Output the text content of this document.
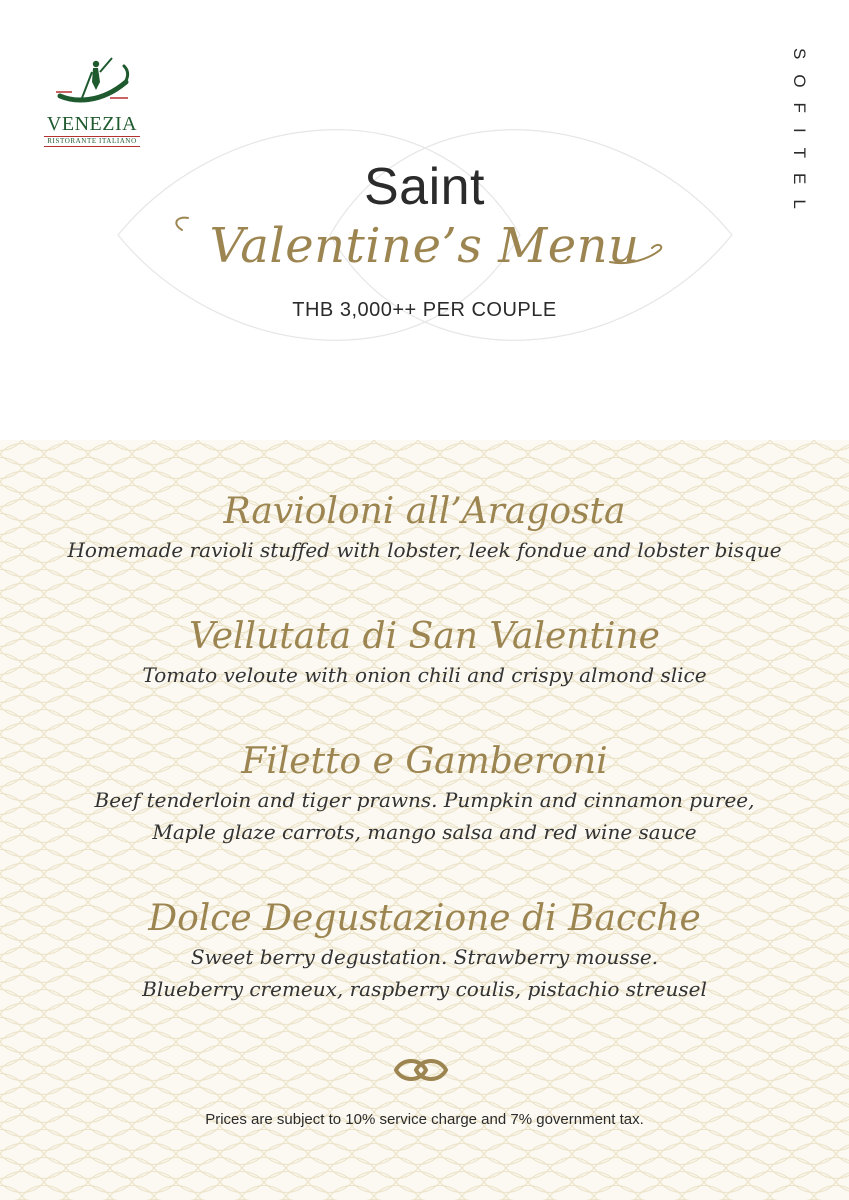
VENEZIA
RISTORANTE ITALIANO	SOFITEL
Saint
Valentine’s Menu
THB 3,000++ PER COUPLE
Ravioloni all’Aragosta
Homemade ravioli stuffed with lobster, leek fondue and lobster bisque
Vellutata di San Valentine
Tomato veloute with onion chili and crispy almond slice
Filetto e Gamberoni
Beef tenderloin and tiger prawns. Pumpkin and cinnamon puree,
Maple glaze carrots, mango salsa and red wine sauce
Dolce Degustazione di Bacche
Sweet berry degustation. Strawberry mousse.
Blueberry cremeux, raspberry coulis, pistachio streusel
Prices are subject to 10% service charge and 7% government tax.
